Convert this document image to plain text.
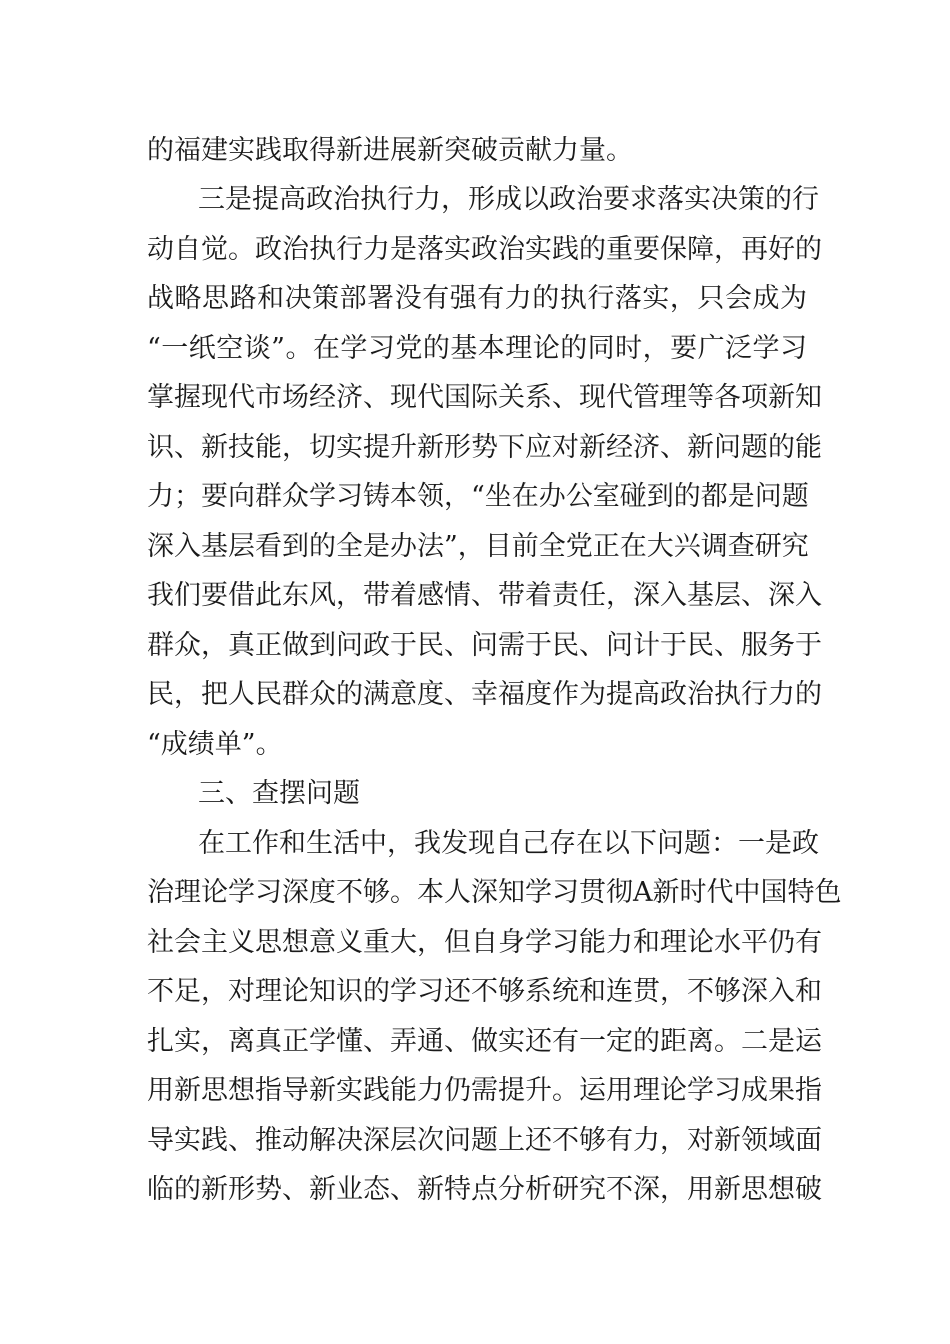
的福建实践取得新进展新突破贡献力量。
三是提高政治执行力，形成以政治要求落实决策的行
动自觉。政治执行力是落实政治实践的重要保障，再好的
战略思路和决策部署没有强有力的执行落实，只会成为
“一纸空谈”。在学习党的基本理论的同时，要广泛学习
掌握现代市场经济、现代国际关系、现代管理等各项新知
识、新技能，切实提升新形势下应对新经济、新问题的能
力；要向群众学习铸本领，“坐在办公室碰到的都是问题
深入基层看到的全是办法”，目前全党正在大兴调查研究
我们要借此东风，带着感情、带着责任，深入基层、深入
群众，真正做到问政于民、问需于民、问计于民、服务于
民，把人民群众的满意度、幸福度作为提高政治执行力的
“成绩单”。
三、查摆问题
在工作和生活中，我发现自己存在以下问题：一是政
治理论学习深度不够。本人深知学习贯彻A新时代中国特色
社会主义思想意义重大，但自身学习能力和理论水平仍有
不足，对理论知识的学习还不够系统和连贯，不够深入和
扎实，离真正学懂、弄通、做实还有一定的距离。二是运
用新思想指导新实践能力仍需提升。运用理论学习成果指
导实践、推动解决深层次问题上还不够有力，对新领域面
临的新形势、新业态、新特点分析研究不深，用新思想破
